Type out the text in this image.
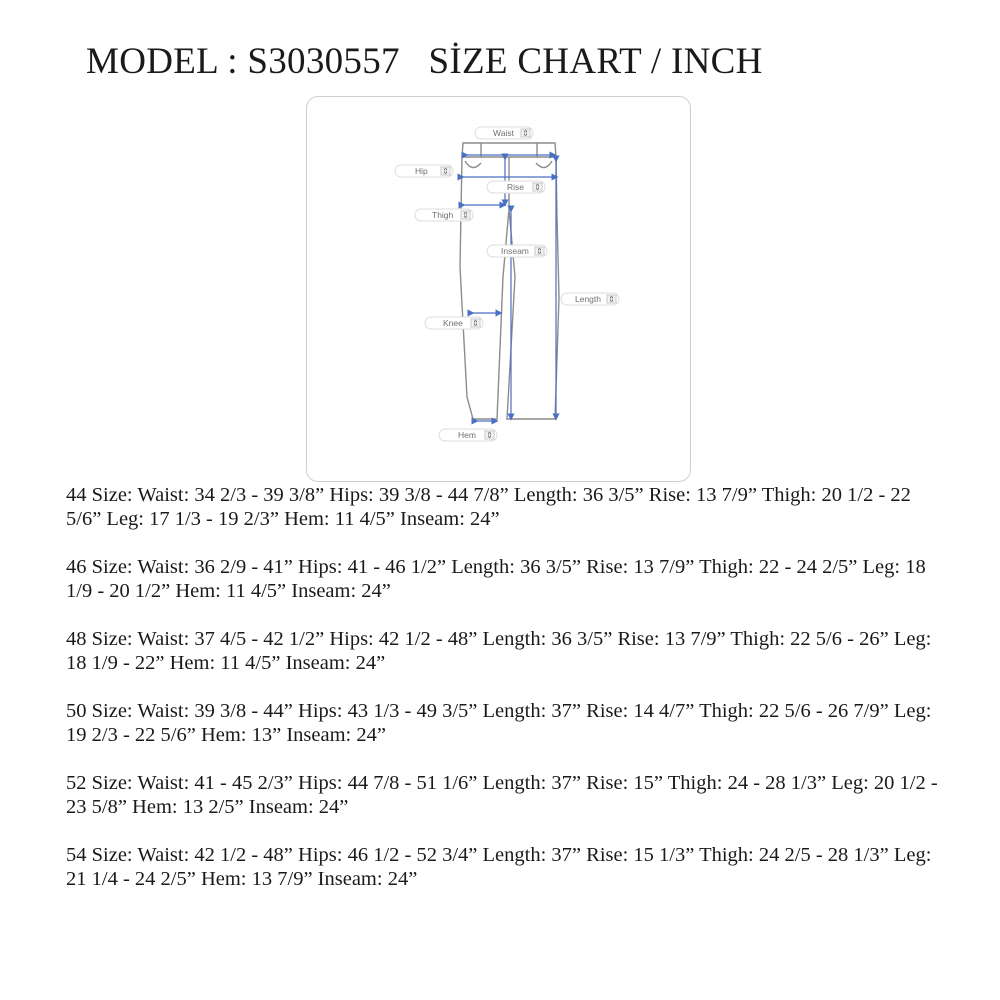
MODEL : S3030557   SİZE CHART / INCH
Waist ⇕
Hip ⇕
Rise ⇕
Thigh ⇕
Inseam ⇕
Length ⇕
Knee ⇕
Hem ⇕

44 Size: Waist: 34 2/3 - 39 3/8” Hips: 39 3/8 - 44 7/8” Length: 36 3/5” Rise: 13 7/9” Thigh: 20 1/2 - 22 5/6” Leg: 17 1/3 - 19 2/3” Hem: 11 4/5” Inseam: 24”

46 Size: Waist: 36 2/9 - 41” Hips: 41 - 46 1/2” Length: 36 3/5” Rise: 13 7/9” Thigh: 22 - 24 2/5” Leg: 18 1/9 - 20 1/2” Hem: 11 4/5” Inseam: 24”

48 Size: Waist: 37 4/5 - 42 1/2” Hips: 42 1/2 - 48” Length: 36 3/5” Rise: 13 7/9” Thigh: 22 5/6 - 26” Leg: 18 1/9 - 22” Hem: 11 4/5” Inseam: 24”

50 Size: Waist: 39 3/8 - 44” Hips: 43 1/3 - 49 3/5” Length: 37” Rise: 14 4/7” Thigh: 22 5/6 - 26 7/9” Leg: 19 2/3 - 22 5/6” Hem: 13” Inseam: 24”

52 Size: Waist: 41 - 45 2/3” Hips: 44 7/8 - 51 1/6” Length: 37” Rise: 15” Thigh: 24 - 28 1/3” Leg: 20 1/2 - 23 5/8” Hem: 13 2/5” Inseam: 24”

54 Size: Waist: 42 1/2 - 48” Hips: 46 1/2 - 52 3/4” Length: 37” Rise: 15 1/3” Thigh: 24 2/5 - 28 1/3” Leg: 21 1/4 - 24 2/5” Hem: 13 7/9” Inseam: 24”
